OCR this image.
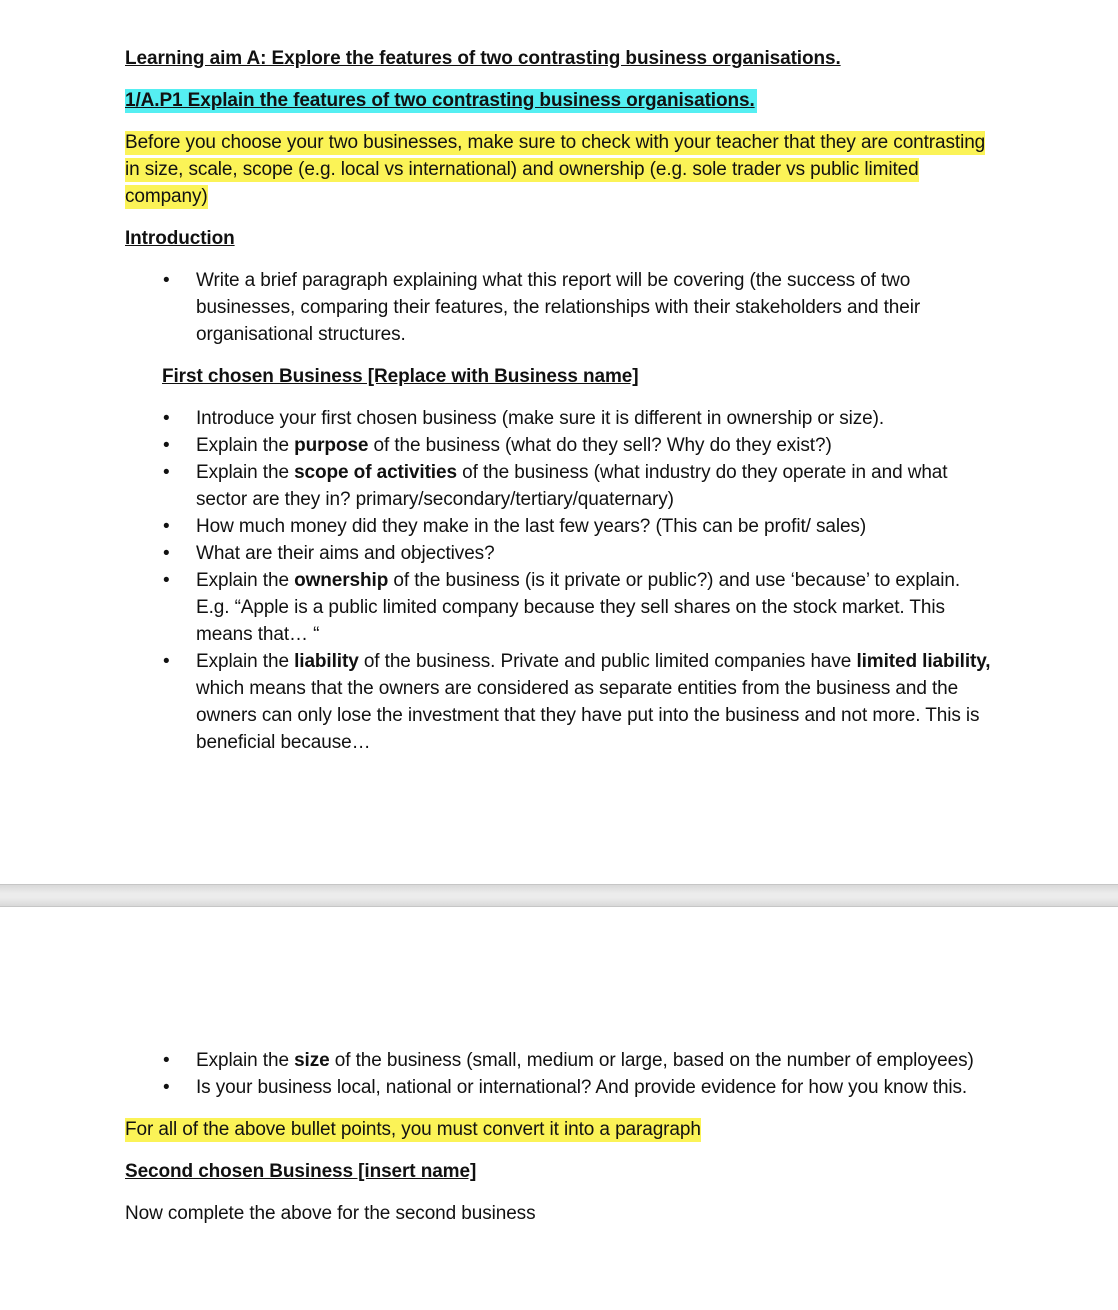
Learning aim A: Explore the features of two contrasting business organisations.
1/A.P1 Explain the features of two contrasting business organisations.

Before you choose your two businesses, make sure to check with your teacher that they are contrasting in size, scale, scope (e.g. local vs international) and ownership (e.g. sole trader vs public limited company)

Introduction
• Write a brief paragraph explaining what this report will be covering (the success of two businesses, comparing their features, the relationships with their stakeholders and their organisational structures.
First chosen Business [Replace with Business name]
• Introduce your first chosen business (make sure it is different in ownership or size).
• Explain the purpose of the business (what do they sell? Why do they exist?)
• Explain the scope of activities of the business (what industry do they operate in and what sector are they in? primary/secondary/tertiary/quaternary)
• How much money did they make in the last few years? (This can be profit/ sales)
• What are their aims and objectives?
• Explain the ownership of the business (is it private or public?) and use ‘because’ to explain. E.g. “Apple is a public limited company because they sell shares on the stock market. This means that… “
• Explain the liability of the business. Private and public limited companies have limited liability, which means that the owners are considered as separate entities from the business and the owners can only lose the investment that they have put into the business and not more. This is beneficial because…
• Explain the size of the business (small, medium or large, based on the number of employees)
• Is your business local, national or international? And provide evidence for how you know this.

For all of the above bullet points, you must convert it into a paragraph

Second chosen Business [insert name]

Now complete the above for the second business
